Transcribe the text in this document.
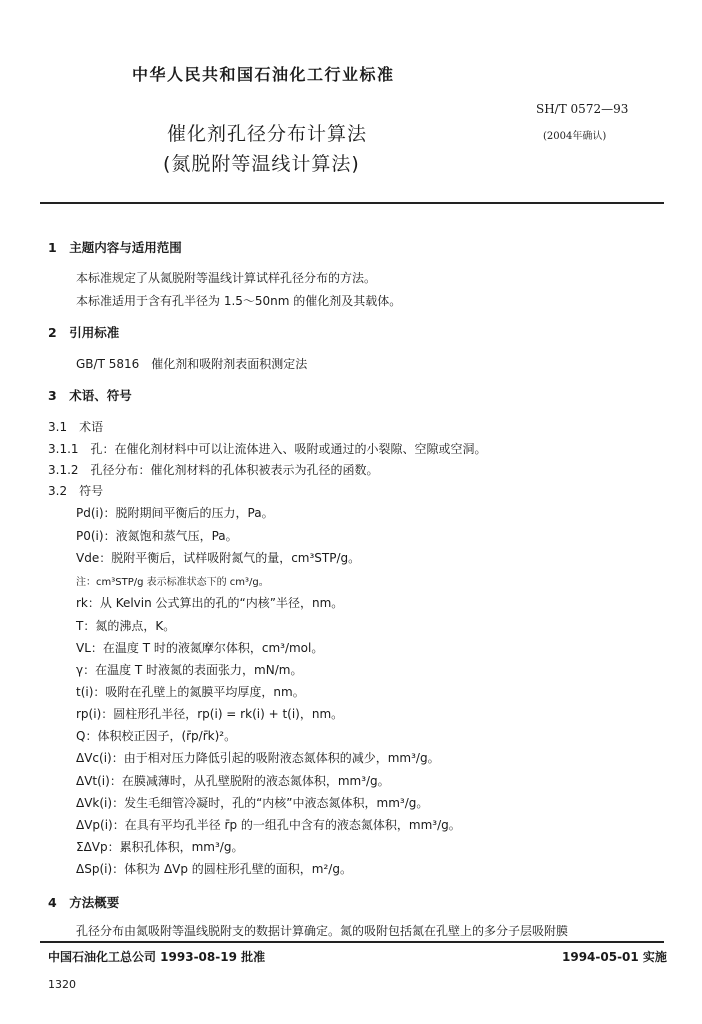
中华人民共和国石油化工行业标准
SH/T 0572—93
(2004年确认)
催化剂孔径分布计算法
(氮脱附等温线计算法)
1　主题内容与适用范围
本标准规定了从氮脱附等温线计算试样孔径分布的方法。
本标准适用于含有孔半径为 1.5～50nm 的催化剂及其载体。
2　引用标准
GB/T 5816　催化剂和吸附剂表面积测定法
3　术语、符号
3.1　术语
3.1.1　孔：在催化剂材料中可以让流体进入、吸附或通过的小裂隙、空隙或空洞。
3.1.2　孔径分布：催化剂材料的孔体积被表示为孔径的函数。
3.2　符号
Pd(i)：脱附期间平衡后的压力，Pa。
P0(i)：液氮饱和蒸气压，Pa。
Vde：脱附平衡后，试样吸附氮气的量，cm³STP/g。
注：cm³STP/g 表示标准状态下的 cm³/g。
rk：从 Kelvin 公式算出的孔的“内核”半径，nm。
T：氮的沸点，K。
VL：在温度 T 时的液氮摩尔体积，cm³/mol。
γ：在温度 T 时液氮的表面张力，mN/m。
t(i)：吸附在孔壁上的氮膜平均厚度，nm。
rp(i)：圆柱形孔半径，rp(i) = rk(i) + t(i)，nm。
Q：体积校正因子，(r̄p/r̄k)²。
ΔVc(i)：由于相对压力降低引起的吸附液态氮体积的减少，mm³/g。
ΔVt(i)：在膜减薄时，从孔壁脱附的液态氮体积，mm³/g。
ΔVk(i)：发生毛细管冷凝时，孔的“内核”中液态氮体积，mm³/g。
ΔVp(i)：在具有平均孔半径 r̄p 的一组孔中含有的液态氮体积，mm³/g。
ΣΔVp：累积孔体积，mm³/g。
ΔSp(i)：体积为 ΔVp 的圆柱形孔壁的面积，m²/g。
4　方法概要
孔径分布由氮吸附等温线脱附支的数据计算确定。氮的吸附包括氮在孔壁上的多分子层吸附膜
中国石油化工总公司 1993-08-19 批准	1994-05-01 实施
1320
